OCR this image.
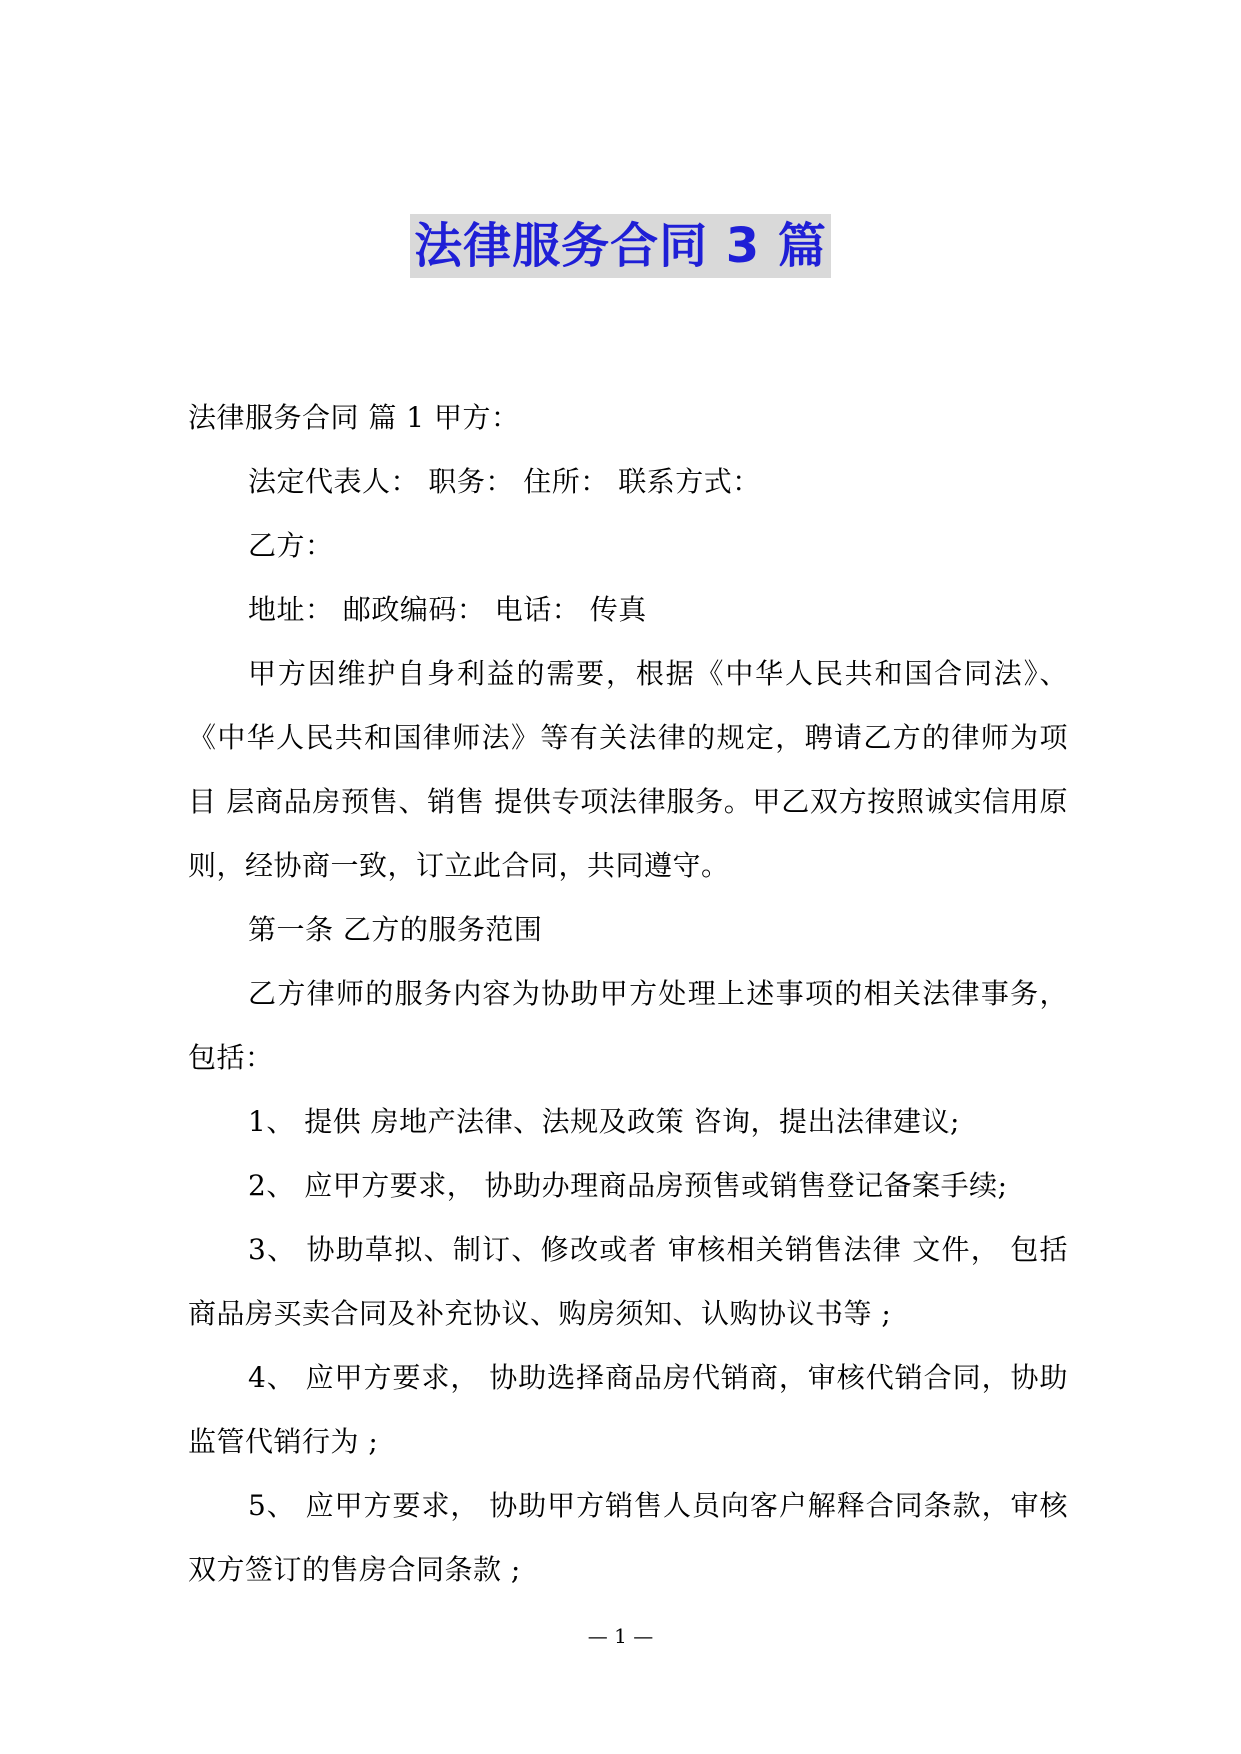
法律服务合同 3 篇

法律服务合同 篇 1 甲方：

法定代表人： 职务： 住所： 联系方式：

乙方：

地址： 邮政编码： 电话： 传真

甲方因维护自身利益的需要，根据《中华人民共和国合同法》、《中华人民共和国律师法》等有关法律的规定，聘请乙方的律师为项目 层商品房预售、销售 提供专项法律服务。甲乙双方按照诚实信用原则，经协商一致，订立此合同，共同遵守。

第一条 乙方的服务范围

乙方律师的服务内容为协助甲方处理上述事项的相关法律事务，包括：

1、 提供 房地产法律、法规及政策 咨询，提出法律建议;

2、 应甲方要求， 协助办理商品房预售或销售登记备案手续;

3、 协助草拟、制订、修改或者 审核相关销售法律 文件， 包括商品房买卖合同及补充协议、购房须知、认购协议书等 ;

4、 应甲方要求， 协助选择商品房代销商，审核代销合同，协助监管代销行为 ;

5、 应甲方要求， 协助甲方销售人员向客户解释合同条款，审核双方签订的售房合同条款 ;

— 1 —
